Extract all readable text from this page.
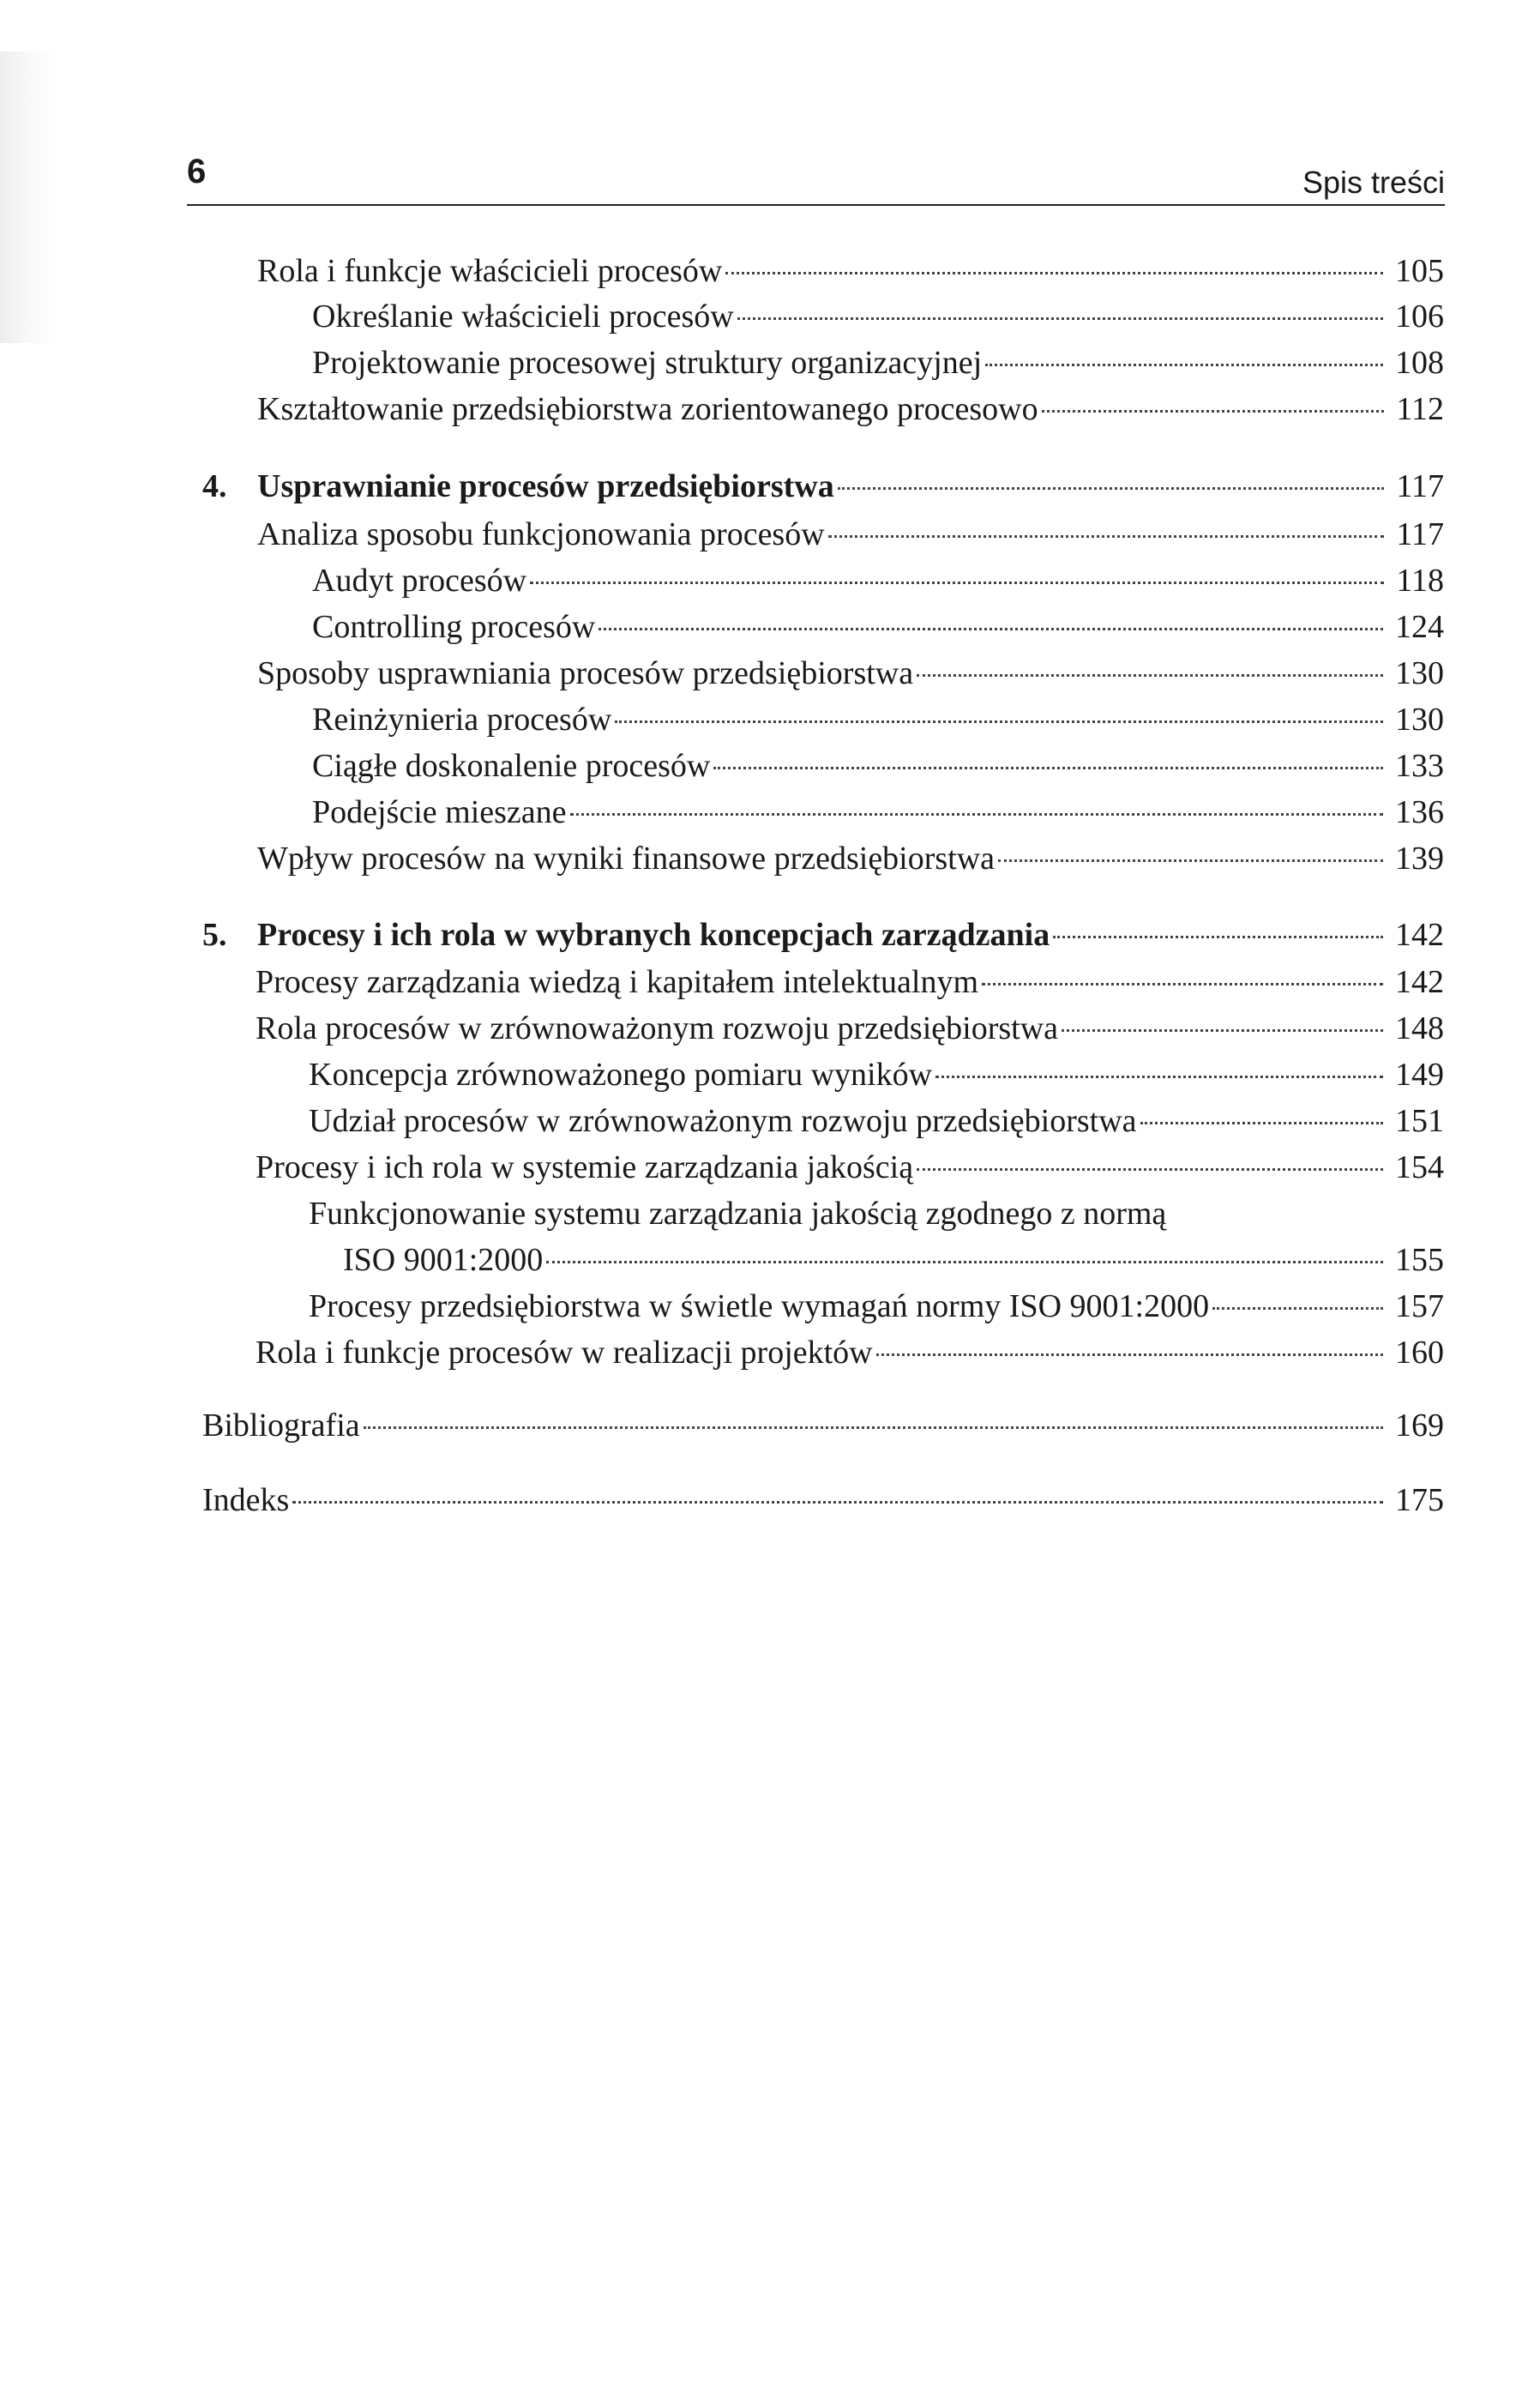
6	Spis treści
Rola i funkcje właścicieli procesów	105
Określanie właścicieli procesów	106
Projektowanie procesowej struktury organizacyjnej	108
Kształtowanie przedsiębiorstwa zorientowanego procesowo	112
4. Usprawnianie procesów przedsiębiorstwa	117
Analiza sposobu funkcjonowania procesów	117
Audyt procesów	118
Controlling procesów	124
Sposoby usprawniania procesów przedsiębiorstwa	130
Reinżynieria procesów	130
Ciągłe doskonalenie procesów	133
Podejście mieszane	136
Wpływ procesów na wyniki finansowe przedsiębiorstwa	139
5. Procesy i ich rola w wybranych koncepcjach zarządzania	142
Procesy zarządzania wiedzą i kapitałem intelektualnym	142
Rola procesów w zrównoważonym rozwoju przedsiębiorstwa	148
Koncepcja zrównoważonego pomiaru wyników	149
Udział procesów w zrównoważonym rozwoju przedsiębiorstwa	151
Procesy i ich rola w systemie zarządzania jakością	154
Funkcjonowanie systemu zarządzania jakością zgodnego z normą
ISO 9001:2000	155
Procesy przedsiębiorstwa w świetle wymagań normy ISO 9001:2000	157
Rola i funkcje procesów w realizacji projektów	160
Bibliografia	169
Indeks	175
